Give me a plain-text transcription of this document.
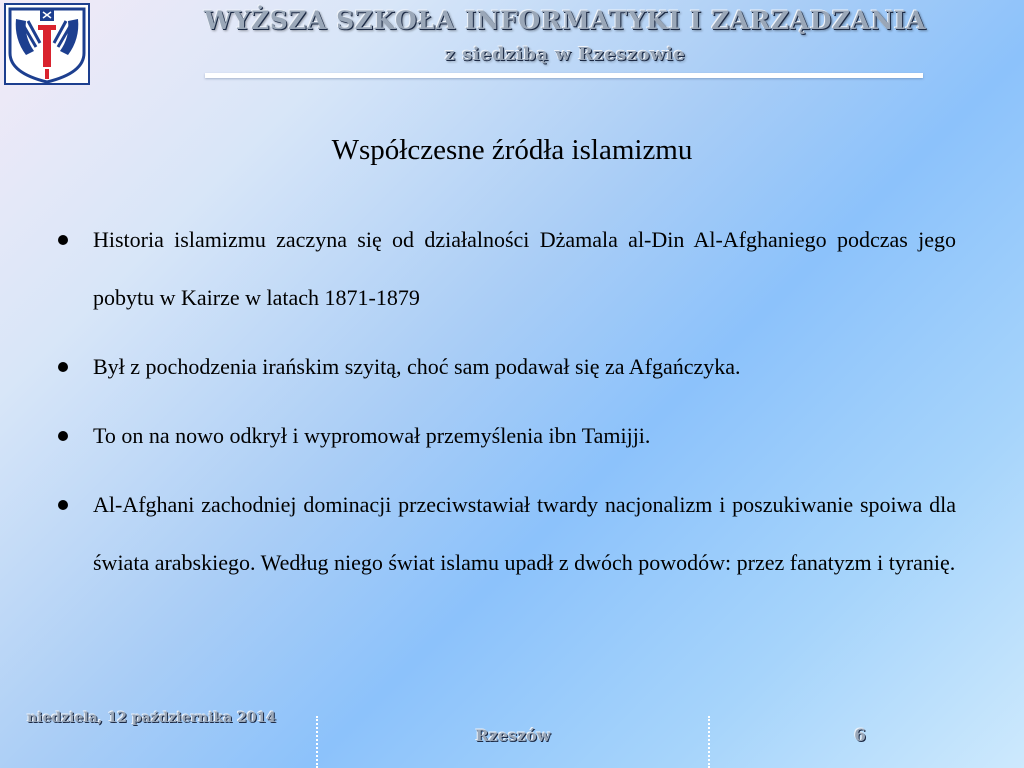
WYŻSZA SZKOŁA INFORMATYKI I ZARZĄDZANIA
z siedzibą w Rzeszowie
Współczesne źródła islamizmu
Historia islamizmu zaczyna się od działalności Dżamala al-Din Al-Afghaniego podczas jego pobytu w Kairze w latach 1871-1879
Był z pochodzenia irańskim szyitą, choć sam podawał się za Afgańczyka.
To on na nowo odkrył i wypromował przemyślenia ibn Tamijji.
Al-Afghani zachodniej dominacji przeciwstawiał twardy nacjonalizm i poszukiwanie spoiwa dla świata arabskiego. Według niego świat islamu upadł z dwóch powodów: przez fanatyzm i tyranię.
niedziela, 12 października 2014
Rzeszów	6
